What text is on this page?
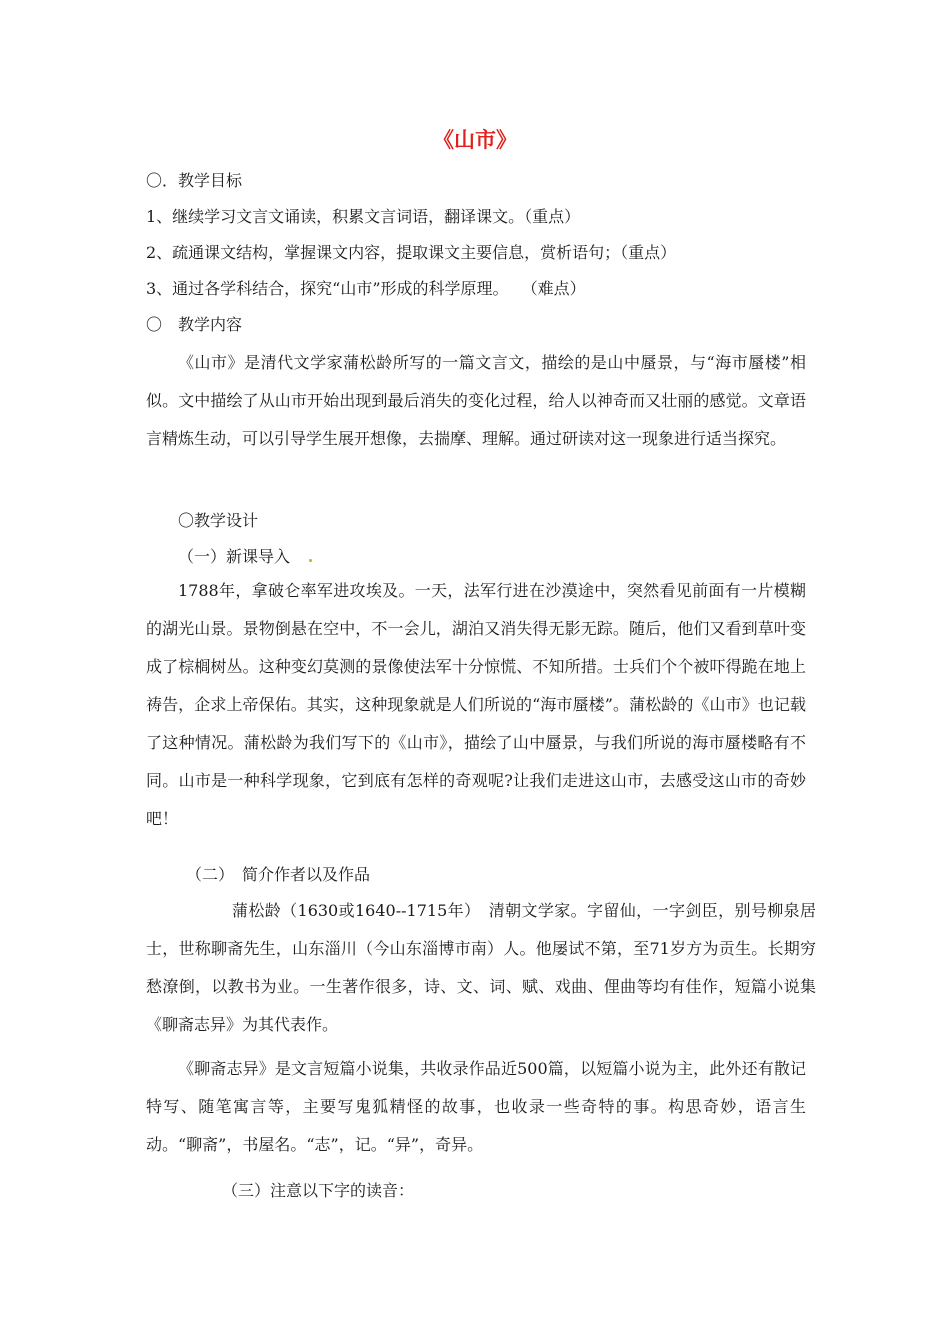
《山市》
〇．教学目标
1、继续学习文言文诵读，积累文言词语，翻译课文。（重点）
2、疏通课文结构，掌握课文内容，提取课文主要信息，赏析语句；（重点）
3、通过各学科结合，探究“山市”形成的科学原理。　 （难点）
〇　教学内容
《山市》是清代文学家蒲松龄所写的一篇文言文，描绘的是山中蜃景，与“海市蜃楼”相似。文中描绘了从山市开始出现到最后消失的变化过程，给人以神奇而又壮丽的感觉。文章语言精炼生动，可以引导学生展开想像，去揣摩、理解。通过研读对这一现象进行适当探究。
〇教学设计
（一）新课导入
1788年，拿破仑率军进攻埃及。一天，法军行进在沙漠途中，突然看见前面有一片模糊的湖光山景。景物倒悬在空中，不一会儿，湖泊又消失得无影无踪。随后，他们又看到草叶变成了棕榈树丛。这种变幻莫测的景像使法军十分惊慌、不知所措。士兵们个个被吓得跪在地上祷告，企求上帝保佑。其实，这种现象就是人们所说的“海市蜃楼”。蒲松龄的《山市》也记载了这种情况。蒲松龄为我们写下的《山市》，描绘了山中蜃景，与我们所说的海市蜃楼略有不同。山市是一种科学现象，它到底有怎样的奇观呢?让我们走进这山市，去感受这山市的奇妙吧！
（二）　简介作者以及作品
蒲松龄（1630或1640--1715年）　清朝文学家。字留仙，一字剑臣，别号柳泉居士，世称聊斋先生，山东淄川（今山东淄博市南）人。他屡试不第，至71岁方为贡生。长期穷愁潦倒，以教书为业。一生著作很多，诗、文、词、赋、戏曲、俚曲等均有佳作，短篇小说集《聊斋志异》为其代表作。
《聊斋志异》是文言短篇小说集，共收录作品近500篇，以短篇小说为主，此外还有散记特写、随笔寓言等，主要写鬼狐精怪的故事，也收录一些奇特的事。构思奇妙，语言生动。“聊斋”，书屋名。“志”，记。“异”，奇异。
（三）注意以下字的读音：
